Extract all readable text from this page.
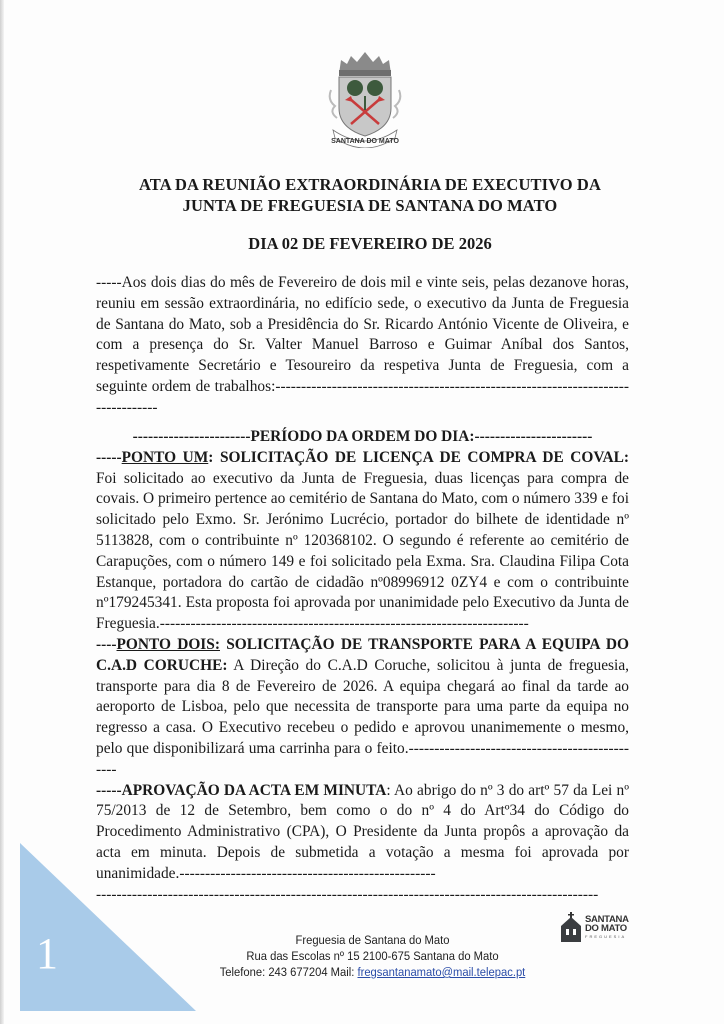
SANTANA DO MATO
ATA DA REUNIÃO EXTRAORDINÁRIA DE EXECUTIVO DA
JUNTA DE FREGUESIA DE SANTANA DO MATO
DIA 02 DE FEVEREIRO DE 2026

-----Aos dois dias do mês de Fevereiro de dois mil e vinte seis, pelas dezanove horas, reuniu em sessão extraordinária, no edifício sede, o executivo da Junta de Freguesia de Santana do Mato, sob a Presidência do Sr. Ricardo António Vicente de Oliveira, e com a presença do Sr. Valter Manuel Barroso e Guimar Aníbal dos Santos, respetivamente Secretário e Tesoureiro da respetiva Junta de Freguesia, com a seguinte ordem de trabalhos:---------------------------------------------------------------------------------

-----------------------PERÍODO DA ORDEM DO DIA:-----------------------

-----PONTO UM: SOLICITAÇÃO DE LICENÇA DE COMPRA DE COVAL: Foi solicitado ao executivo da Junta de Freguesia, duas licenças para compra de covais. O primeiro pertence ao cemitério de Santana do Mato, com o número 339 e foi solicitado pelo Exmo. Sr. Jerónimo Lucrécio, portador do bilhete de identidade nº 5113828, com o contribuinte nº 120368102. O segundo é referente ao cemitério de Carapuções, com o número 149 e foi solicitado pela Exma. Sra. Claudina Filipa Cota Estanque, portadora do cartão de cidadão nº08996912 0ZY4 e com o contribuinte nº179245341. Esta proposta foi aprovada por unanimidade pelo Executivo da Junta de Freguesia.------------------------------------------------------------------------

----PONTO DOIS: SOLICITAÇÃO DE TRANSPORTE PARA A EQUIPA DO C.A.D CORUCHE: A Direção do C.A.D Coruche, solicitou à junta de freguesia, transporte para dia 8 de Fevereiro de 2026. A equipa chegará ao final da tarde ao aeroporto de Lisboa, pelo que necessita de transporte para uma parte da equipa no regresso a casa. O Executivo recebeu o pedido e aprovou unanimemente o mesmo, pelo que disponibilizará uma carrinha para o feito.-----------------------------------------------

-----APROVAÇÃO DA ACTA EM MINUTA: Ao abrigo do nº 3 do artº 57 da Lei nº 75/2013 de 12 de Setembro, bem como o do nº 4 do Artº34 do Código do Procedimento Administrativo (CPA), O Presidente da Junta propôs a aprovação da acta em minuta. Depois de submetida a votação a mesma foi aprovada por unanimidade.--------------------------------------------------

--------------------------------------------------------------------------------------------------

1	Freguesia de Santana do Mato
Rua das Escolas nº 15 2100-675 Santana do Mato
Telefone: 243 677204 Mail: fregsantanamato@mail.telepac.pt
SANTANA
DO MATO
FREGUESIA
